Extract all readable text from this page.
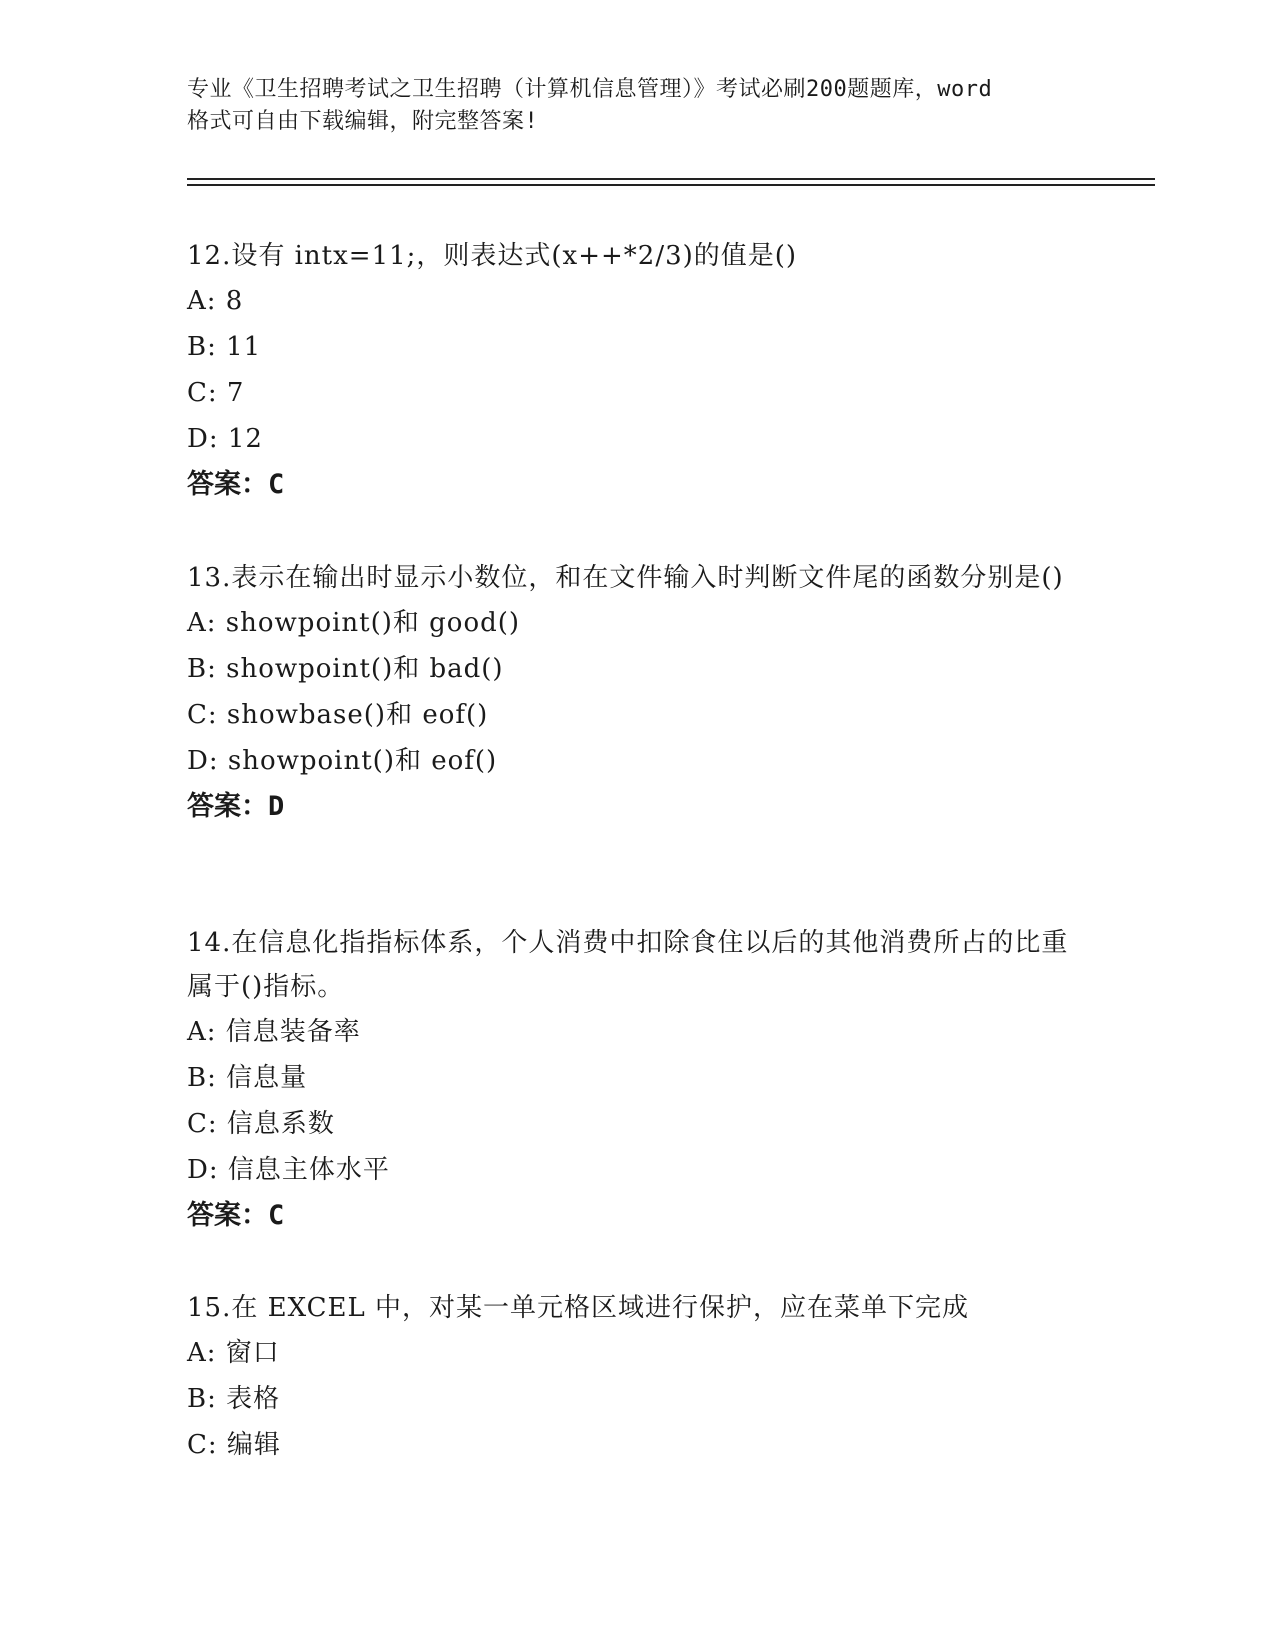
专业《卫生招聘考试之卫生招聘（计算机信息管理）》考试必刷200题题库，word
格式可自由下载编辑，附完整答案!
12.设有 intx=11;，则表达式(x++*2/3)的值是()
A: 8
B: 11
C: 7
D: 12
答案：C
13.表示在输出时显示小数位，和在文件输入时判断文件尾的函数分别是()
A: showpoint()和 good()
B: showpoint()和 bad()
C: showbase()和 eof()
D: showpoint()和 eof()
答案：D
14.在信息化指指标体系，个人消费中扣除食住以后的其他消费所占的比重属于()指标。
A: 信息装备率
B: 信息量
C: 信息系数
D: 信息主体水平
答案：C
15.在 EXCEL 中，对某一单元格区域进行保护，应在菜单下完成
A: 窗口
B: 表格
C: 编辑
